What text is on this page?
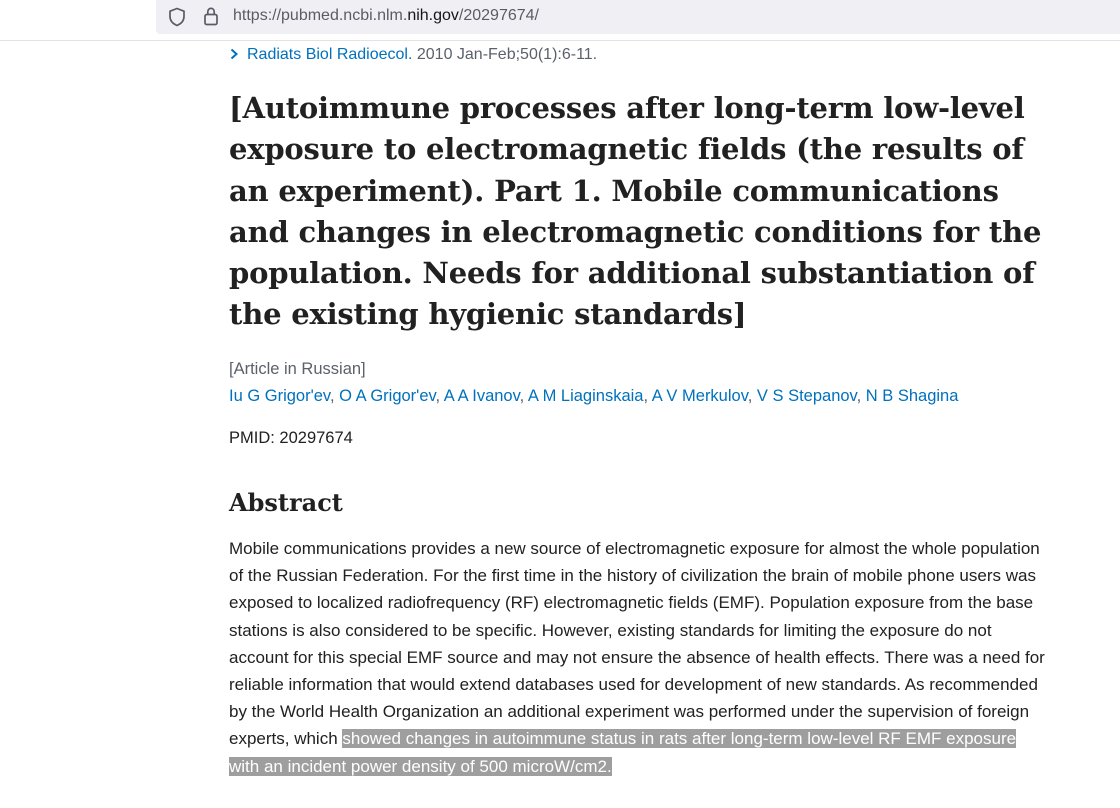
https://pubmed.ncbi.nlm.nih.gov/20297674/
Radiats Biol Radioecol. 2010 Jan-Feb;50(1):6-11.
[Autoimmune processes after long-term low-level exposure to electromagnetic fields (the results of an experiment). Part 1. Mobile communications and changes in electromagnetic conditions for the population. Needs for additional substantiation of the existing hygienic standards]
[Article in Russian]
Iu G Grigor'ev, O A Grigor'ev, A A Ivanov, A M Liaginskaia, A V Merkulov, V S Stepanov, N B Shagina
PMID: 20297674
Abstract

Mobile communications provides a new source of electromagnetic exposure for almost the whole population of the Russian Federation. For the first time in the history of civilization the brain of mobile phone users was exposed to localized radiofrequency (RF) electromagnetic fields (EMF). Population exposure from the base stations is also considered to be specific. However, existing standards for limiting the exposure do not account for this special EMF source and may not ensure the absence of health effects. There was a need for reliable information that would extend databases used for development of new standards. As recommended by the World Health Organization an additional experiment was performed under the supervision of foreign experts, which showed changes in autoimmune status in rats after long-term low-level RF EMF exposure with an incident power density of 500 microW/cm2.
